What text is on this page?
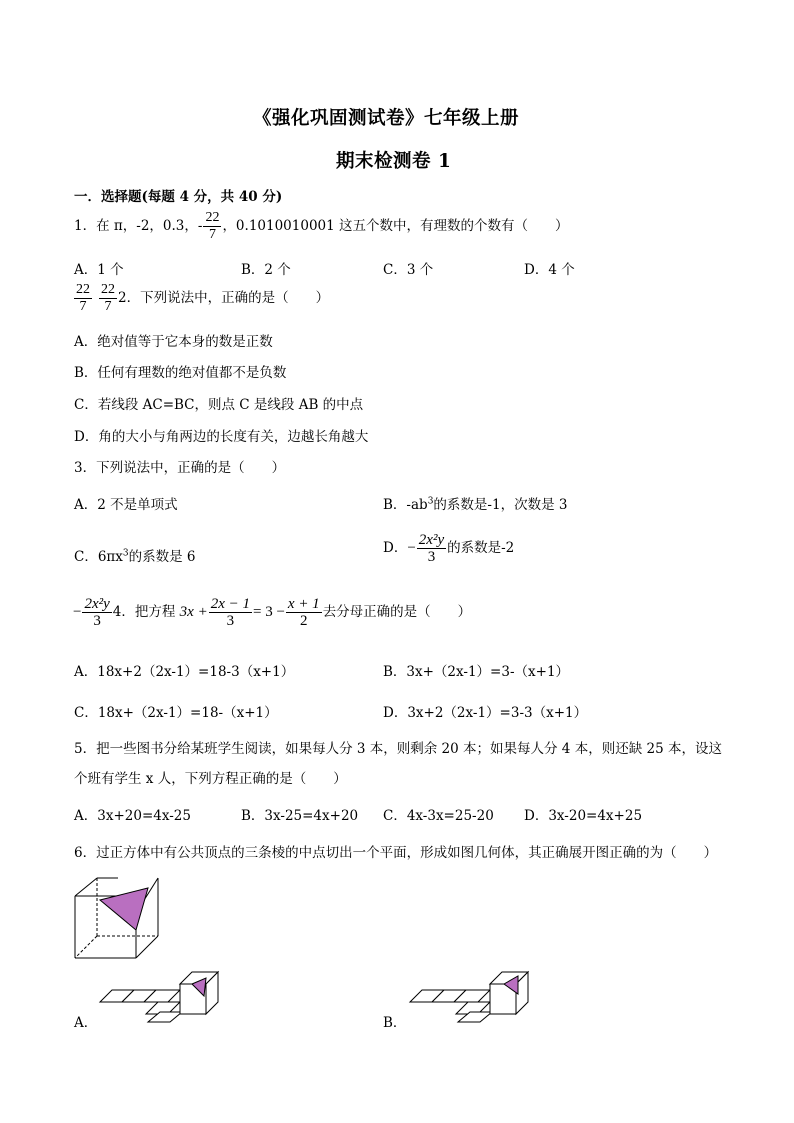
《强化巩固测试卷》七年级上册
期末检测卷 1
一．选择题(每题 4 分，共 40 分)
1．在 π，-2，0.3，- $\frac{22}{7}$ ，0.1010010001 这五个数中，有理数的个数有（　　）
A．1 个	B．2 个	C．3 个	D．4 个
$\frac{22}{7} \frac{22}{7} 2$．下列说法中，正确的是（　　）
A．绝对值等于它本身的数是正数
B．任何有理数的绝对值都不是负数
C．若线段 AC=BC，则点 C 是线段 AB 的中点
D．角的大小与角两边的长度有关，边越长角越大
3．下列说法中，正确的是（　　）
A．2 不是单项式	B．$-ab^3$的系数是-1，次数是 3
C．$6\pi x^3$的系数是 6
D．− $\frac{\text{2x²y}}{3}$ 的系数是-2
− $\frac{\text{2x²y}}{3} 4$．把方程 $3x + \frac{2x - 1}{3} = 3 - \frac{x + 1}{2}$ 去分母正确的是（　　）
A．18x+2（2x-1）=18-3（x+1）	B．3x+（2x-1）=3-（x+1）
C．18x+（2x-1）=18-（x+1）	D．3x+2（2x-1）=3-3（x+1）
5．把一些图书分给某班学生阅读，如果每人分 3 本，则剩余 20 本；如果每人分 4 本，则还缺 25 本，设这
个班有学生 x 人，下列方程正确的是（　　）
A．3x+20=4x-25	B．3x-25=4x+20 C．4x-3x=25-20 D．3x-20=4x+25
6．过正方体中有公共顶点的三条棱的中点切出一个平面，形成如图几何体，其正确展开图正确的为（　　）
A．	B．
